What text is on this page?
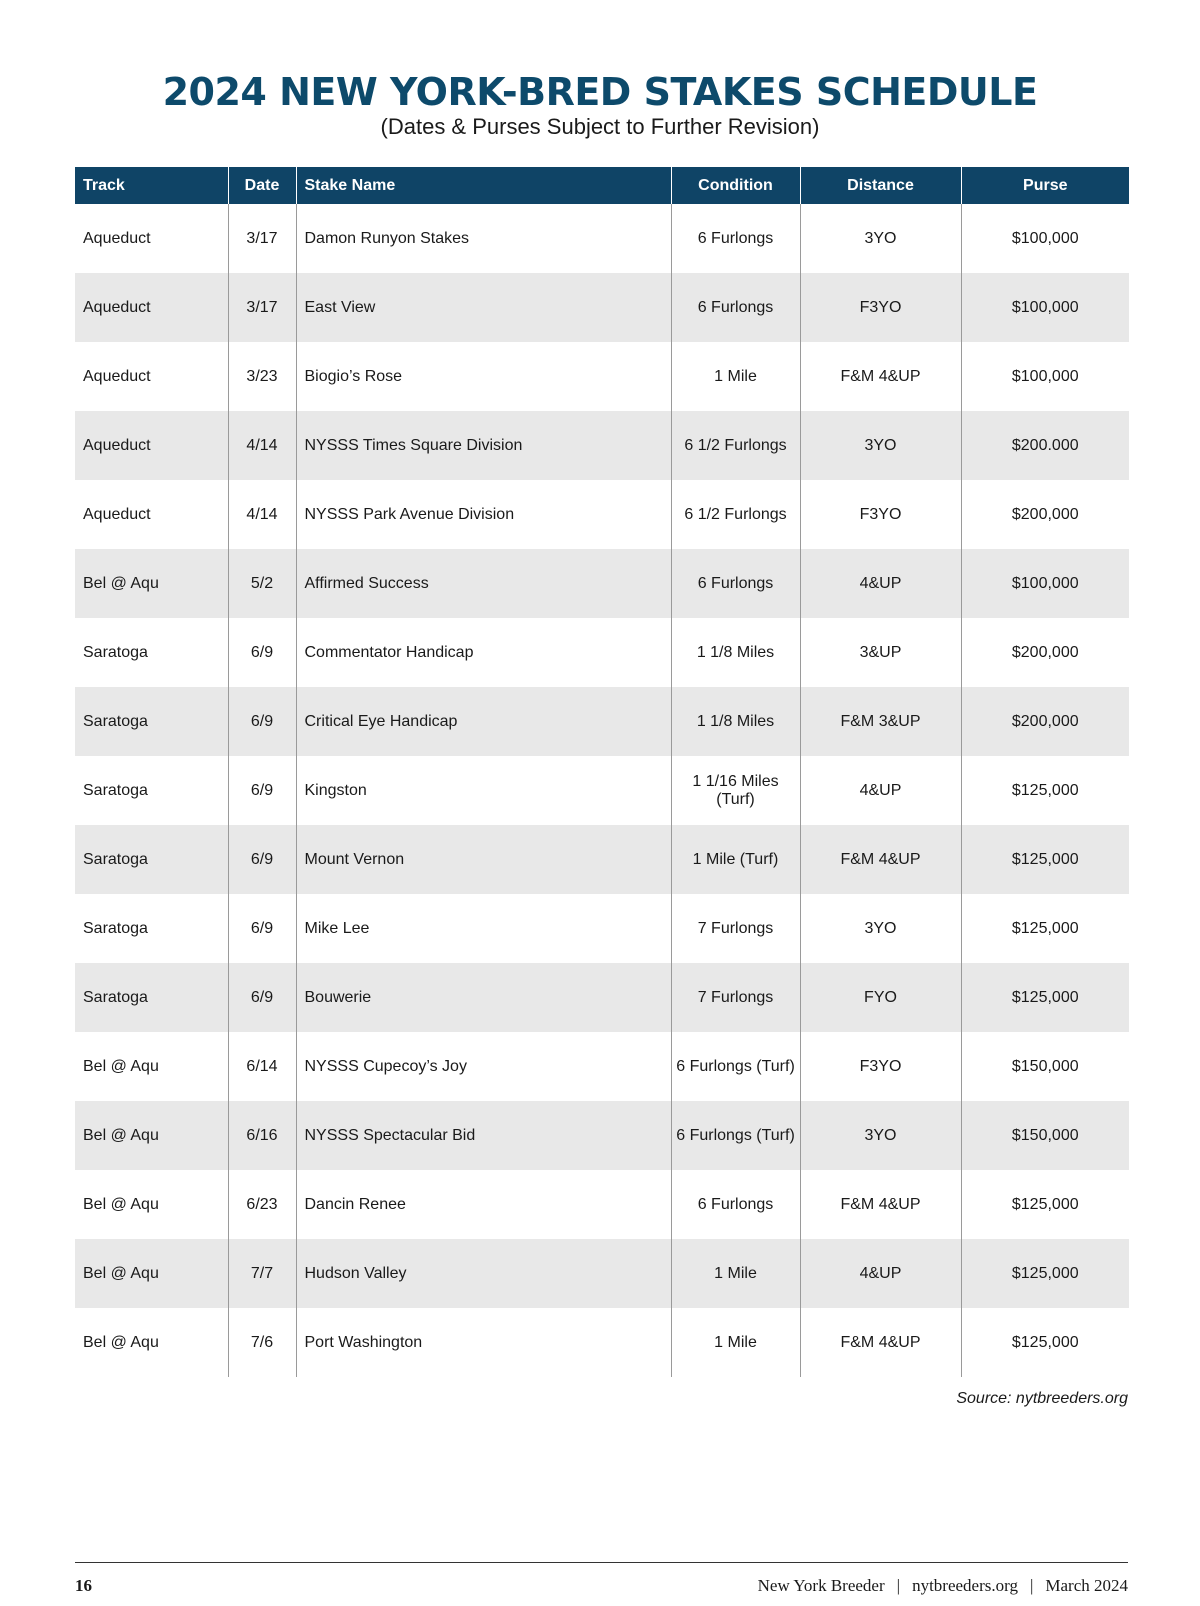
2024 NEW YORK-BRED STAKES SCHEDULE
(Dates & Purses Subject to Further Revision)
Track	Date	Stake Name	Condition	Distance	Purse
Aqueduct	3/17	Damon Runyon Stakes	6 Furlongs	3YO	$100,000
Aqueduct	3/17	East View	6 Furlongs	F3YO	$100,000
Aqueduct	3/23	Biogio’s Rose	1 Mile	F&M 4&UP	$100,000
Aqueduct	4/14	NYSSS Times Square Division	6 1/2 Furlongs	3YO	$200.000
Aqueduct	4/14	NYSSS Park Avenue Division	6 1/2 Furlongs	F3YO	$200,000
Bel @ Aqu	5/2	Affirmed Success	6 Furlongs	4&UP	$100,000
Saratoga	6/9	Commentator Handicap	1 1/8 Miles	3&UP	$200,000
Saratoga	6/9	Critical Eye Handicap	1 1/8 Miles	F&M 3&UP	$200,000
Saratoga	6/9	Kingston	1 1/16 Miles (Turf)	4&UP	$125,000
Saratoga	6/9	Mount Vernon	1 Mile (Turf)	F&M 4&UP	$125,000
Saratoga	6/9	Mike Lee	7 Furlongs	3YO	$125,000
Saratoga	6/9	Bouwerie	7 Furlongs	FYO	$125,000
Bel @ Aqu	6/14	NYSSS Cupecoy’s Joy	6 Furlongs (Turf)	F3YO	$150,000
Bel @ Aqu	6/16	NYSSS Spectacular Bid	6 Furlongs (Turf)	3YO	$150,000
Bel @ Aqu	6/23	Dancin Renee	6 Furlongs	F&M 4&UP	$125,000
Bel @ Aqu	7/7	Hudson Valley	1 Mile	4&UP	$125,000
Bel @ Aqu	7/6	Port Washington	1 Mile	F&M 4&UP	$125,000
Source: nytbreeders.org
16	New York Breeder | nytbreeders.org | March 2024
